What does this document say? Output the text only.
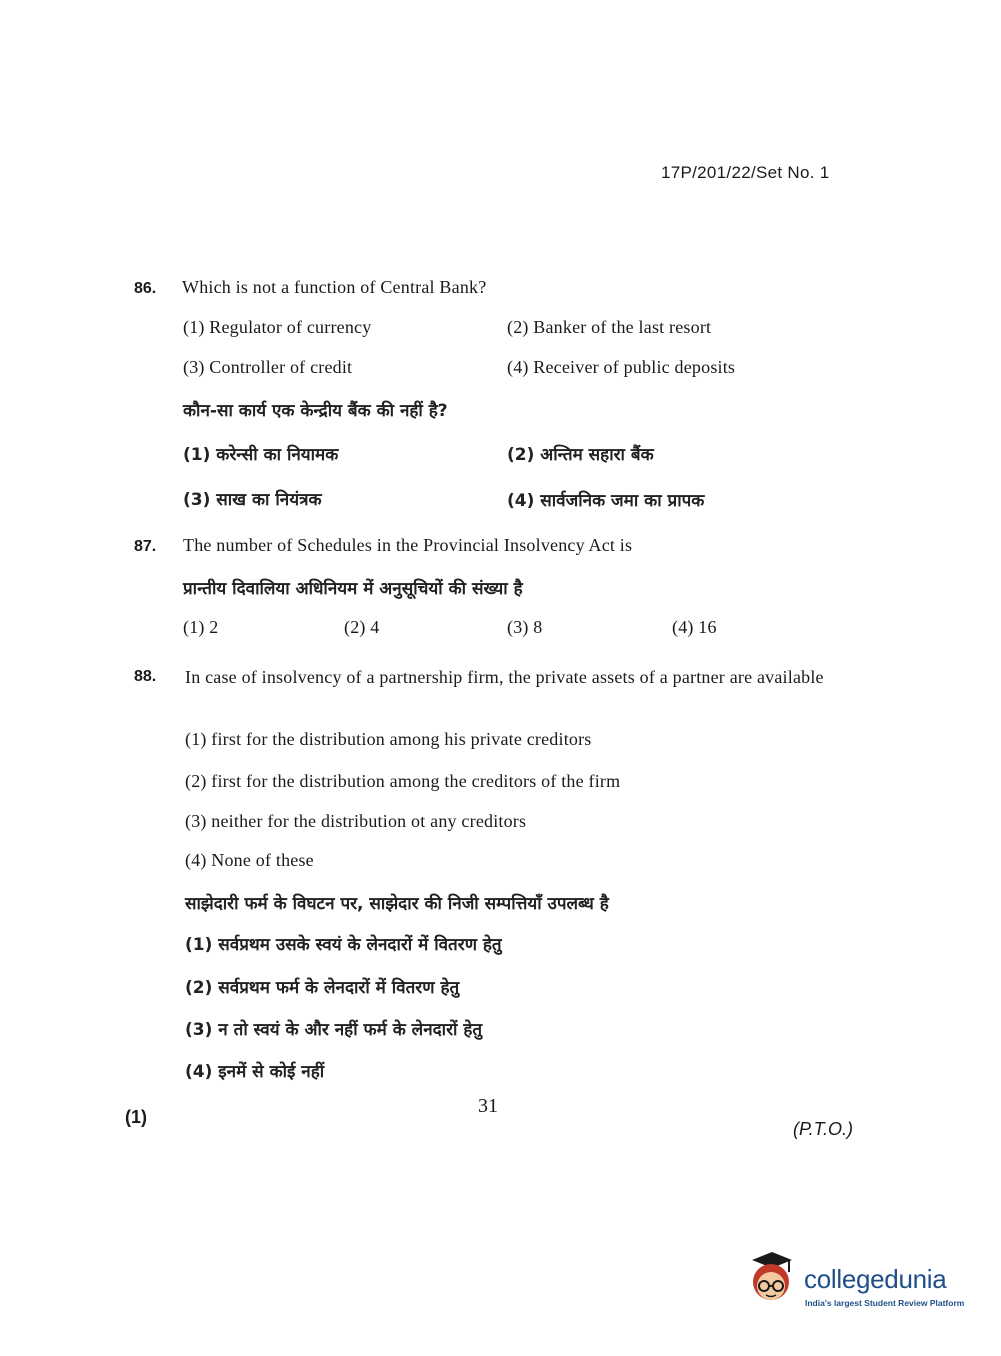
17P/201/22/Set No. 1
86. Which is not a function of Central Bank?
(1) Regulator of currency	(2) Banker of the last resort
(3) Controller of credit	(4) Receiver of public deposits
कौन-सा कार्य एक केन्द्रीय बैंक की नहीं है?
(1) करेन्सी का नियामक	(2) अन्तिम सहारा बैंक
(3) साख का नियंत्रक	(4) सार्वजनिक जमा का प्रापक
87. The number of Schedules in the Provincial Insolvency Act is
प्रान्तीय दिवालिया अधिनियम में अनुसूचियों की संख्या है
(1) 2	(2) 4	(3) 8	(4) 16
88. In case of insolvency of a partnership firm, the private assets of a partner are available
(1) first for the distribution among his private creditors
(2) first for the distribution among the creditors of the firm
(3) neither for the distribution ot any creditors
(4) None of these
साझेदारी फर्म के विघटन पर, साझेदार की निजी सम्पत्तियाँ उपलब्ध है
(1) सर्वप्रथम उसके स्वयं के लेनदारों में वितरण हेतु
(2) सर्वप्रथम फर्म के लेनदारों में वितरण हेतु
(3) न तो स्वयं के और नहीं फर्म के लेनदारों हेतु
(4) इनमें से कोई नहीं
(1)	31
(P.T.O.)
collegedunia
India's largest Student Review Platform
